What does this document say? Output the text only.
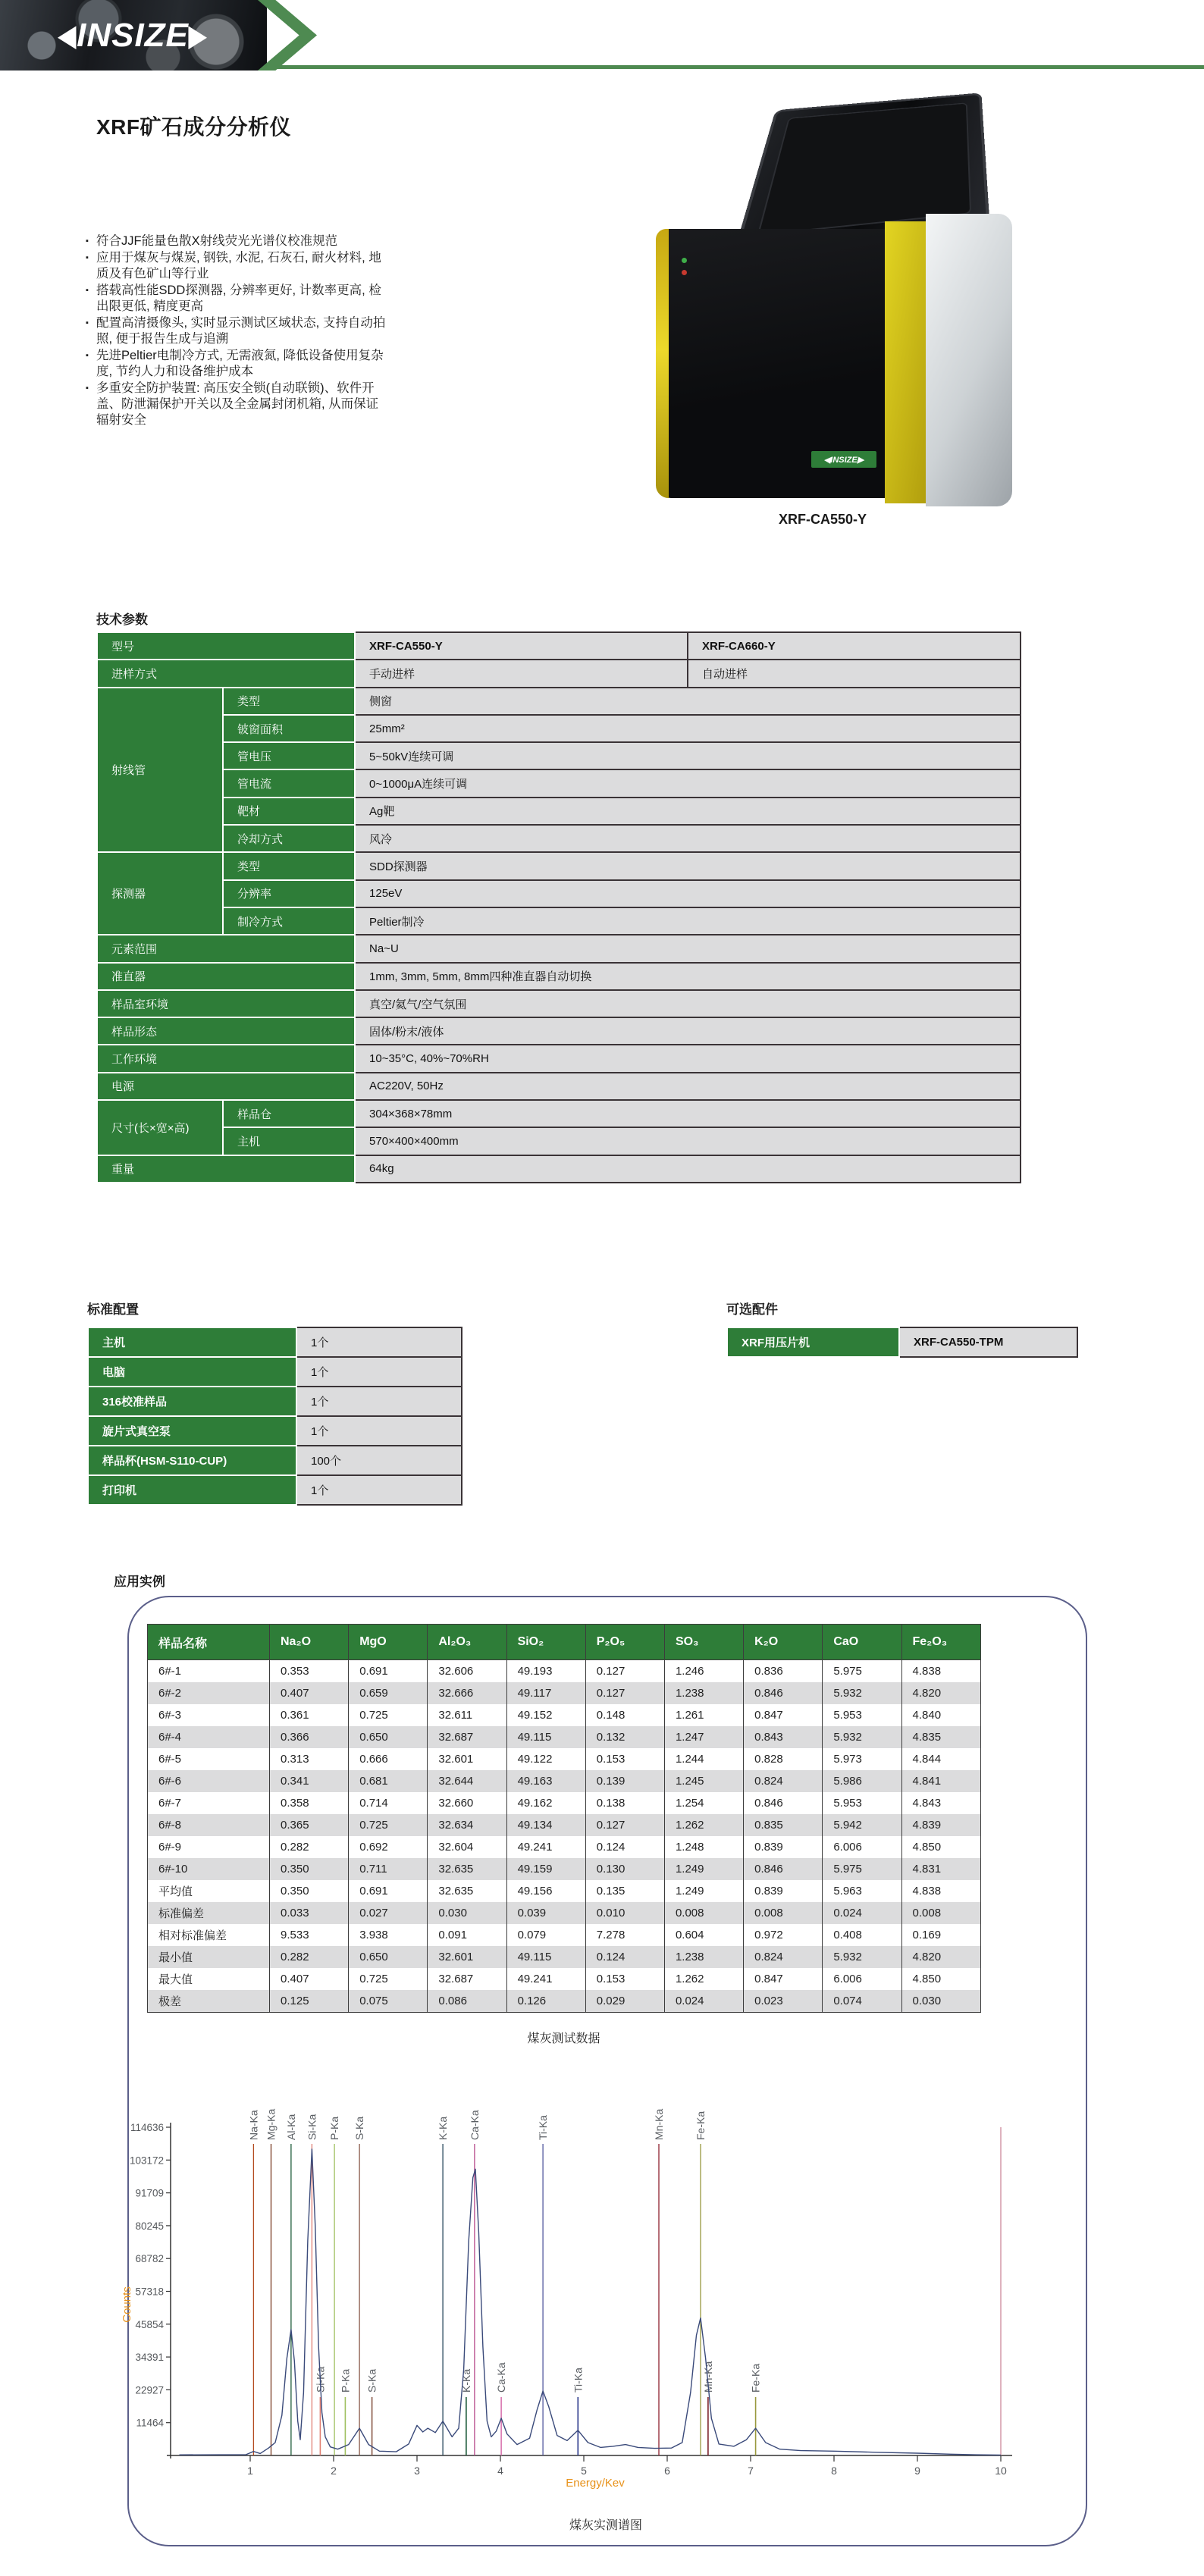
◀ INSIZE ▶
XRF矿石成分分析仪
▪ 符合JJF能量色散X射线荧光光谱仪校准规范
▪ 应用于煤灰与煤炭, 钢铁, 水泥, 石灰石, 耐火材料, 地质及有色矿山等行业
▪ 搭载高性能SDD探测器, 分辨率更好, 计数率更高, 检出限更低, 精度更高
▪ 配置高清摄像头, 实时显示测试区域状态, 支持自动拍照, 便于报告生成与追溯
▪ 先进Peltier电制冷方式, 无需液氮, 降低设备使用复杂度, 节约人力和设备维护成本
▪ 多重安全防护装置: 高压安全锁(自动联锁)、软件开盖、防泄漏保护开关以及全金属封闭机箱, 从而保证辐射安全
◀INSIZE▶
XRF-CA550-Y
技术参数
型号		XRF-CA550-Y	XRF-CA660-Y
进样方式		手动进样	自动进样
射线管	类型	侧窗	
	铍窗面积	25mm²	
	管电压	5~50kV连续可调	
	管电流	0~1000μA连续可调	
	靶材	Ag靶	
	冷却方式	风冷	
探测器	类型	SDD探测器	
	分辨率	125eV	
	制冷方式	Peltier制冷	
元素范围		Na~U	
准直器		1mm, 3mm, 5mm, 8mm四种准直器自动切换	
样品室环境		真空/氦气/空气氛围	
样品形态		固体/粉末/液体	
工作环境		10~35°C, 40%~70%RH	
电源		AC220V, 50Hz	
尺寸(长×宽×高)	样品仓	304×368×78mm	
	主机	570×400×400mm	
重量		64kg	
标准配置
主机	1个
电脑	1个
316校准样品	1个
旋片式真空泵	1个
样品杯(HSM-S110-CUP)	100个
打印机	1个
可选配件
XRF用压片机	XRF-CA550-TPM
应用实例
样品名称	Na₂O	MgO	Al₂O₃	SiO₂	P₂O₅	SO₃	K₂O	CaO	Fe₂O₃
6#-1	0.353	0.691	32.606	49.193	0.127	1.246	0.836	5.975	4.838
6#-2	0.407	0.659	32.666	49.117	0.127	1.238	0.846	5.932	4.820
6#-3	0.361	0.725	32.611	49.152	0.148	1.261	0.847	5.953	4.840
6#-4	0.366	0.650	32.687	49.115	0.132	1.247	0.843	5.932	4.835
6#-5	0.313	0.666	32.601	49.122	0.153	1.244	0.828	5.973	4.844
6#-6	0.341	0.681	32.644	49.163	0.139	1.245	0.824	5.986	4.841
6#-7	0.358	0.714	32.660	49.162	0.138	1.254	0.846	5.953	4.843
6#-8	0.365	0.725	32.634	49.134	0.127	1.262	0.835	5.942	4.839
6#-9	0.282	0.692	32.604	49.241	0.124	1.248	0.839	6.006	4.850
6#-10	0.350	0.711	32.635	49.159	0.130	1.249	0.846	5.975	4.831
平均值	0.350	0.691	32.635	49.156	0.135	1.249	0.839	5.963	4.838
标准偏差	0.033	0.027	0.030	0.039	0.010	0.008	0.008	0.024	0.008
相对标准偏差	9.533	3.938	0.091	0.079	7.278	0.604	0.972	0.408	0.169
最小值	0.282	0.650	32.601	49.115	0.124	1.238	0.824	5.932	4.820
最大值	0.407	0.725	32.687	49.241	0.153	1.262	0.847	6.006	4.850
极差	0.125	0.075	0.086	0.126	0.029	0.024	0.023	0.074	0.030
煤灰测试数据
114636
103172
91709
80245
68782
57318
45854
34391
22927
11464
1	2	3	4	5	6	7	8	9	10
Counts
Energy/Kev
Na-Ka Mg-Ka Al-Ka Si-Ka P-Ka S-Ka	K-Ka Ca-Ka	Ti-Ka	Mn-Ka	Fe-Ka
Si-Ka P-Ka S-Ka	K-Ka Ca-Ka	Ti-Ka	Mn-Ka	Fe-Ka
煤灰实测谱图
